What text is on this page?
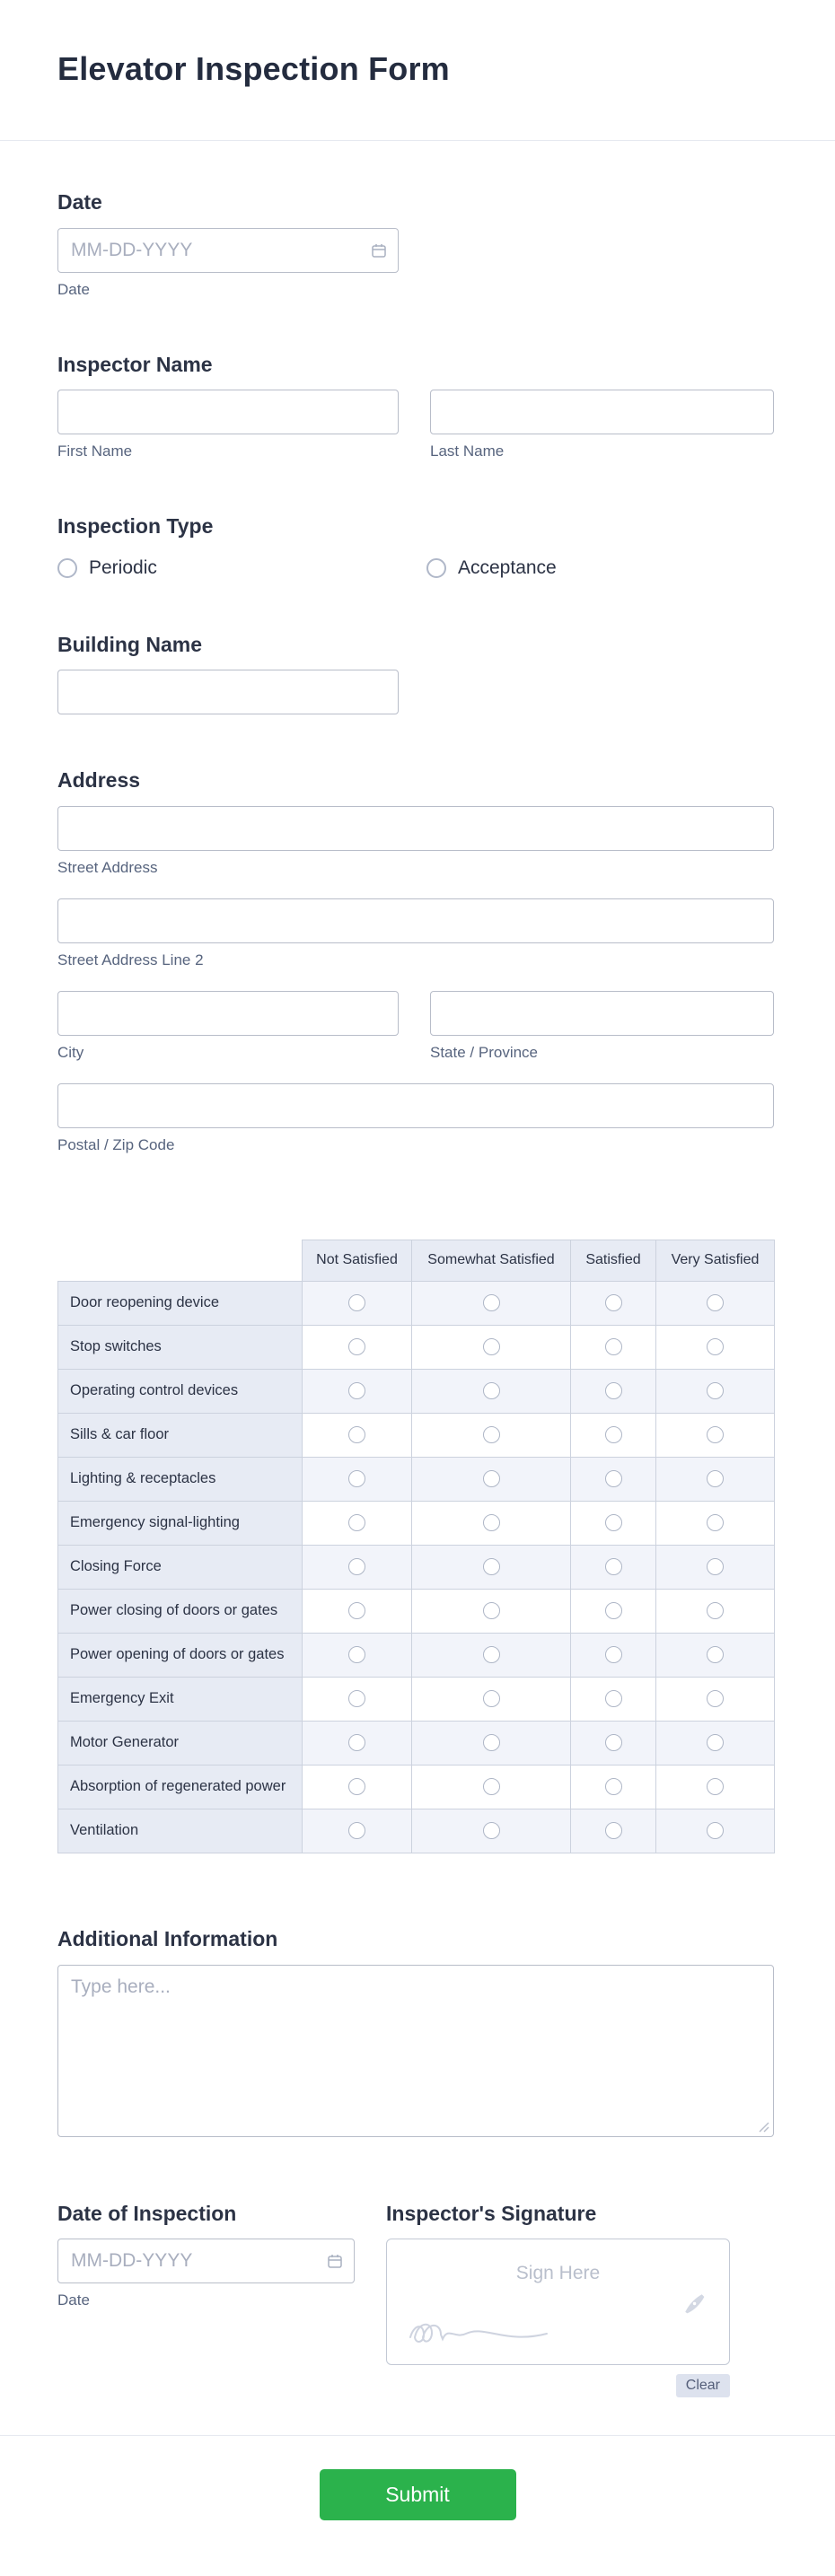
Elevator Inspection Form
Date
MM-DD-YYYY
Date
Inspector Name
First Name	Last Name
Inspection Type
Periodic	Acceptance
Building Name
Address
Street Address
Street Address Line 2
City	State / Province
Postal / Zip Code
	Not Satisfied	Somewhat Satisfied	Satisfied	Very Satisfied
Door reopening device				
Stop switches				
Operating control devices				
Sills & car floor				
Lighting & receptacles				
Emergency signal-lighting				
Closing Force				
Power closing of doors or gates				
Power opening of doors or gates				
Emergency Exit				
Motor Generator				
Absorption of regenerated power				
Ventilation				
Additional Information
Type here...
Date of Inspection
MM-DD-YYYY
Date
Inspector's Signature
Sign Here
Clear
Submit
